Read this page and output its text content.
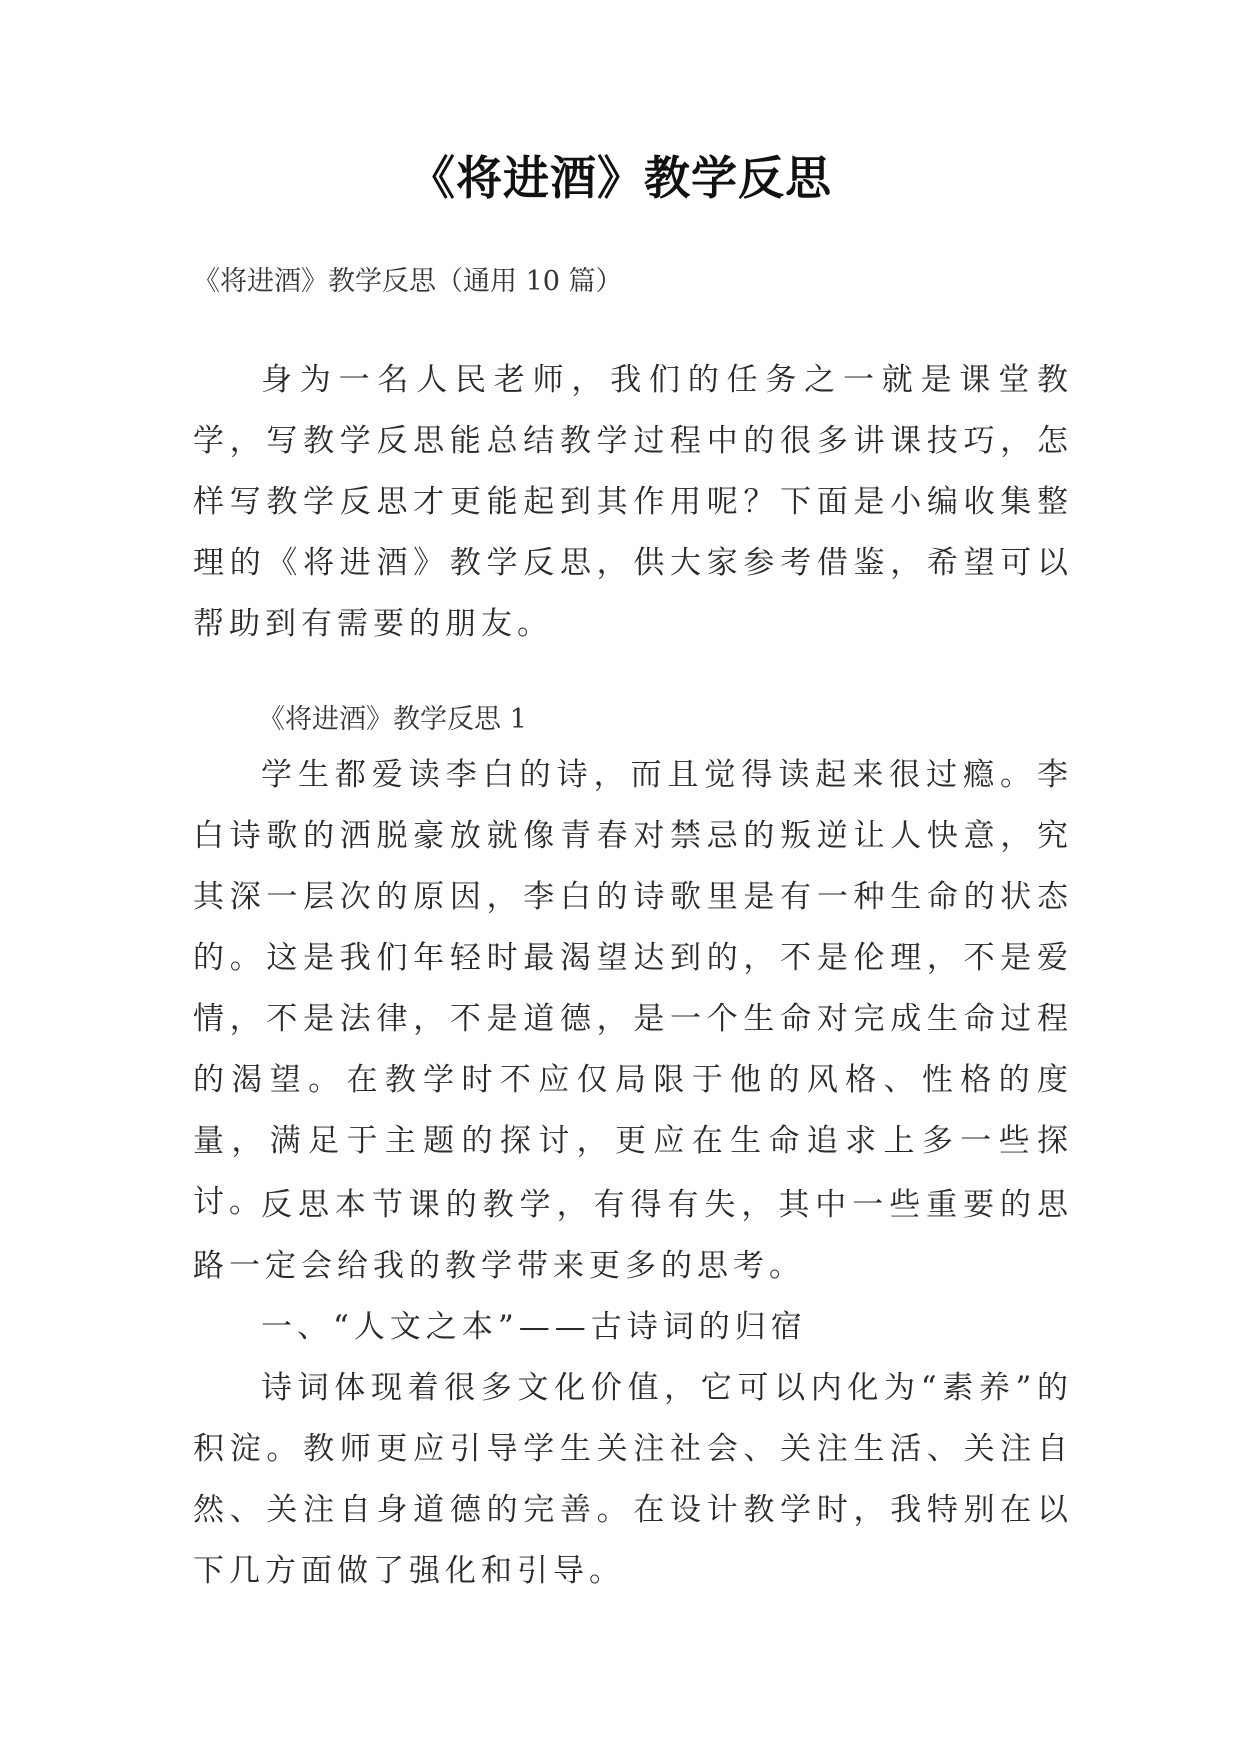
《将进酒》教学反思

《将进酒》教学反思（通用 10 篇）

身为一名人民老师，我们的任务之一就是课堂教学，写教学反思能总结教学过程中的很多讲课技巧，怎样写教学反思才更能起到其作用呢？下面是小编收集整理的《将进酒》教学反思，供大家参考借鉴，希望可以帮助到有需要的朋友。

《将进酒》教学反思 1

学生都爱读李白的诗，而且觉得读起来很过瘾。李白诗歌的洒脱豪放就像青春对禁忌的叛逆让人快意，究其深一层次的原因，李白的诗歌里是有一种生命的状态的。这是我们年轻时最渴望达到的，不是伦理，不是爱情，不是法律，不是道德，是一个生命对完成生命过程的渴望。在教学时不应仅局限于他的风格、性格的度量，满足于主题的探讨，更应在生命追求上多一些探讨。

反思本节课的教学，有得有失，其中一些重要的思路一定会给我的教学带来更多的思考。

一、“人文之本”——古诗词的归宿

诗词体现着很多文化价值，它可以内化为“素养”的积淀。教师更应引导学生关注社会、关注生活、关注自然、关注自身道德的完善。在设计教学时，我特别在以下几方面做了强化和引导。
